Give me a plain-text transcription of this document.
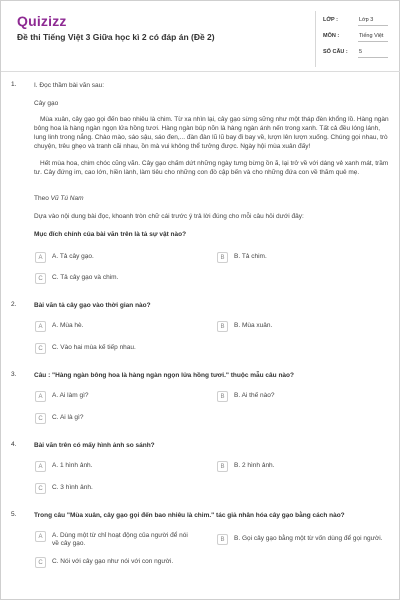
Quizizz
Đề thi Tiếng Việt 3 Giữa học kì 2 có đáp án (Đề 2)
LỚP :	Lớp 3
MÔN :	Tiếng Việt
SỐ CÂU : 5
1.	I. Đọc thầm bài văn sau:
Cây gạo
Mùa xuân, cây gạo gọi đến bao nhiêu là chim. Từ xa nhìn lại, cây gạo sừng sững như một tháp đèn khổng lồ. Hàng ngàn bông hoa là hàng ngàn ngọn lửa hồng tươi. Hàng ngàn búp nõn là hàng ngàn ánh nến trong xanh. Tất cả đều lóng lánh, lung linh trong nắng. Chào mào, sáo sậu, sáo đen,... đàn đàn lũ lũ bay đi bay về, lượn lên lượn xuống. Chúng gọi nhau, trò chuyện, trêu ghẹo và tranh cãi nhau, ồn mà vui không thể tưởng được. Ngày hội mùa xuân đấy!
Hết mùa hoa, chim chóc cũng vãn. Cây gạo chấm dứt những ngày tưng bừng ồn ã, lại trở về với dáng vẻ xanh mát, trầm tư. Cây đứng im, cao lớn, hiền lành, làm tiêu cho những con đò cập bến và cho những đứa con về thăm quê mẹ.
Theo Vũ Tú Nam
Dựa vào nội dung bài đọc, khoanh tròn chữ cái trước ý trả lời đúng cho mỗi câu hỏi dưới đây:
Mục đích chính của bài văn trên là tả sự vật nào?
A	A. Tả cây gạo.	B	B. Tả chim.
C	C. Tả cây gạo và chim.
2.	Bài văn tả cây gạo vào thời gian nào?
A	A. Mùa hè.	B	B. Mùa xuân.
C	C. Vào hai mùa kế tiếp nhau.
3.	Câu : "Hàng ngàn bông hoa là hàng ngàn ngọn lửa hồng tươi." thuộc mẫu câu nào?
A	A. Ai làm gì?	B	B. Ai thế nào?
C	C. Ai là gì?
4.	Bài văn trên có mấy hình ảnh so sánh?
A	A. 1 hình ảnh.	B	B. 2 hình ảnh.
C	C. 3 hình ảnh.
5.	Trong câu "Mùa xuân, cây gạo gọi đến bao nhiêu là chim." tác giả nhân hóa cây gạo bằng cách nào?
A	A. Dùng một từ chỉ hoạt động của người để nói về cây gạo.
B	B. Gọi cây gạo bằng một từ vốn dùng để gọi người.
C	C. Nói với cây gạo như nói với con người.
